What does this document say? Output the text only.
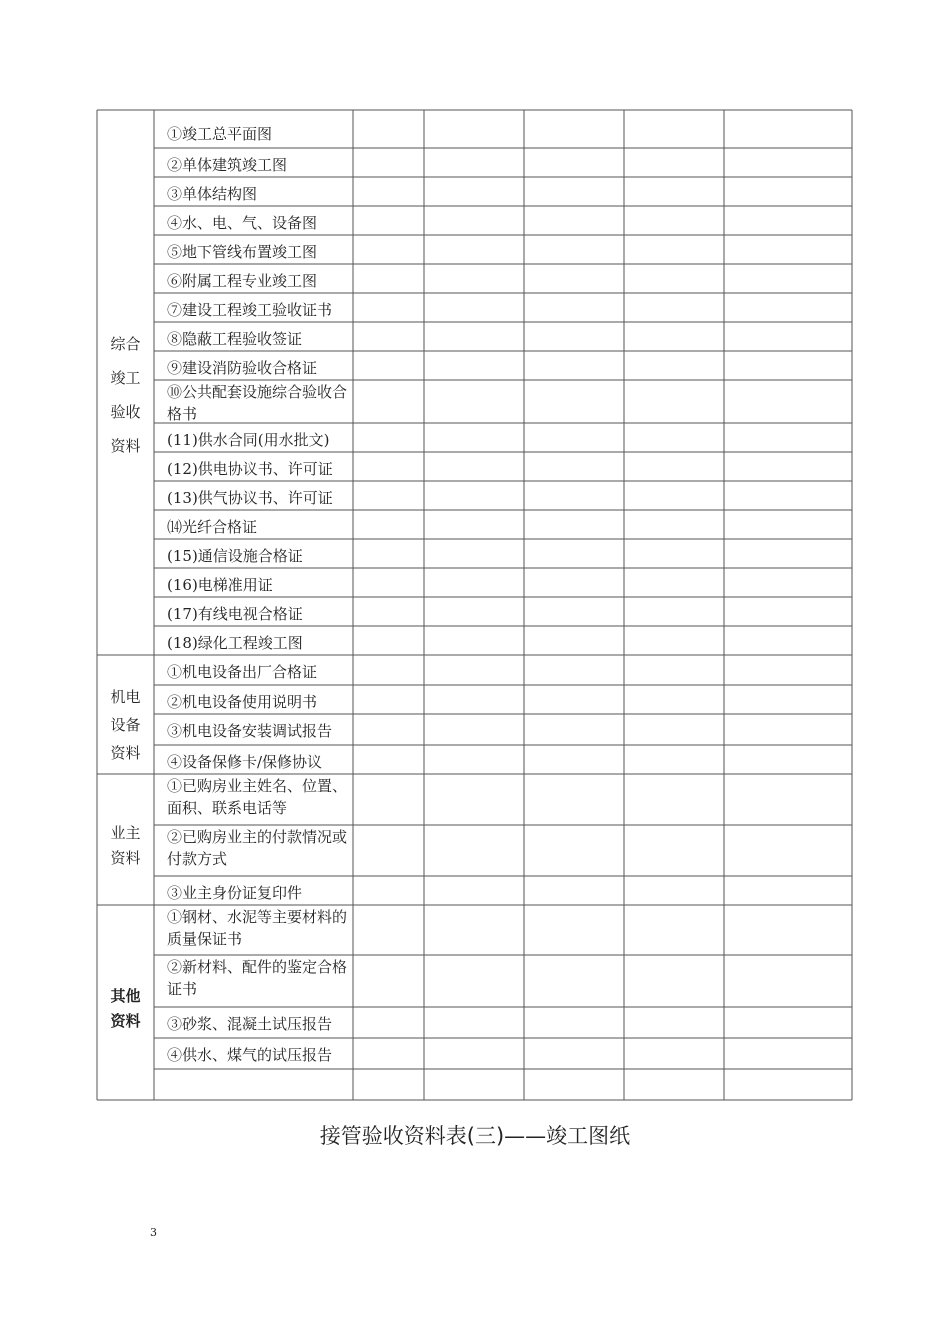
综合
竣工
验收
资料
①竣工总平面图
②单体建筑竣工图
③单体结构图
④水、电、气、设备图
⑤地下管线布置竣工图
⑥附属工程专业竣工图
⑦建设工程竣工验收证书
⑧隐蔽工程验收签证
⑨建设消防验收合格证
⑩公共配套设施综合验收合格书
(11)供水合同(用水批文)
(12)供电协议书、许可证
(13)供气协议书、许可证
⒁光纤合格证
(15)通信设施合格证
(16)电梯准用证
(17)有线电视合格证
(18)绿化工程竣工图
机电
设备
资料
①机电设备出厂合格证
②机电设备使用说明书
③机电设备安装调试报告
④设备保修卡/保修协议
业主
资料
①已购房业主姓名、位置、面积、联系电话等
②已购房业主的付款情况或付款方式
③业主身份证复印件
其他
资料
①钢材、水泥等主要材料的质量保证书
②新材料、配件的鉴定合格证书
③砂浆、混凝土试压报告
④供水、煤气的试压报告
接管验收资料表(三)——竣工图纸
3
